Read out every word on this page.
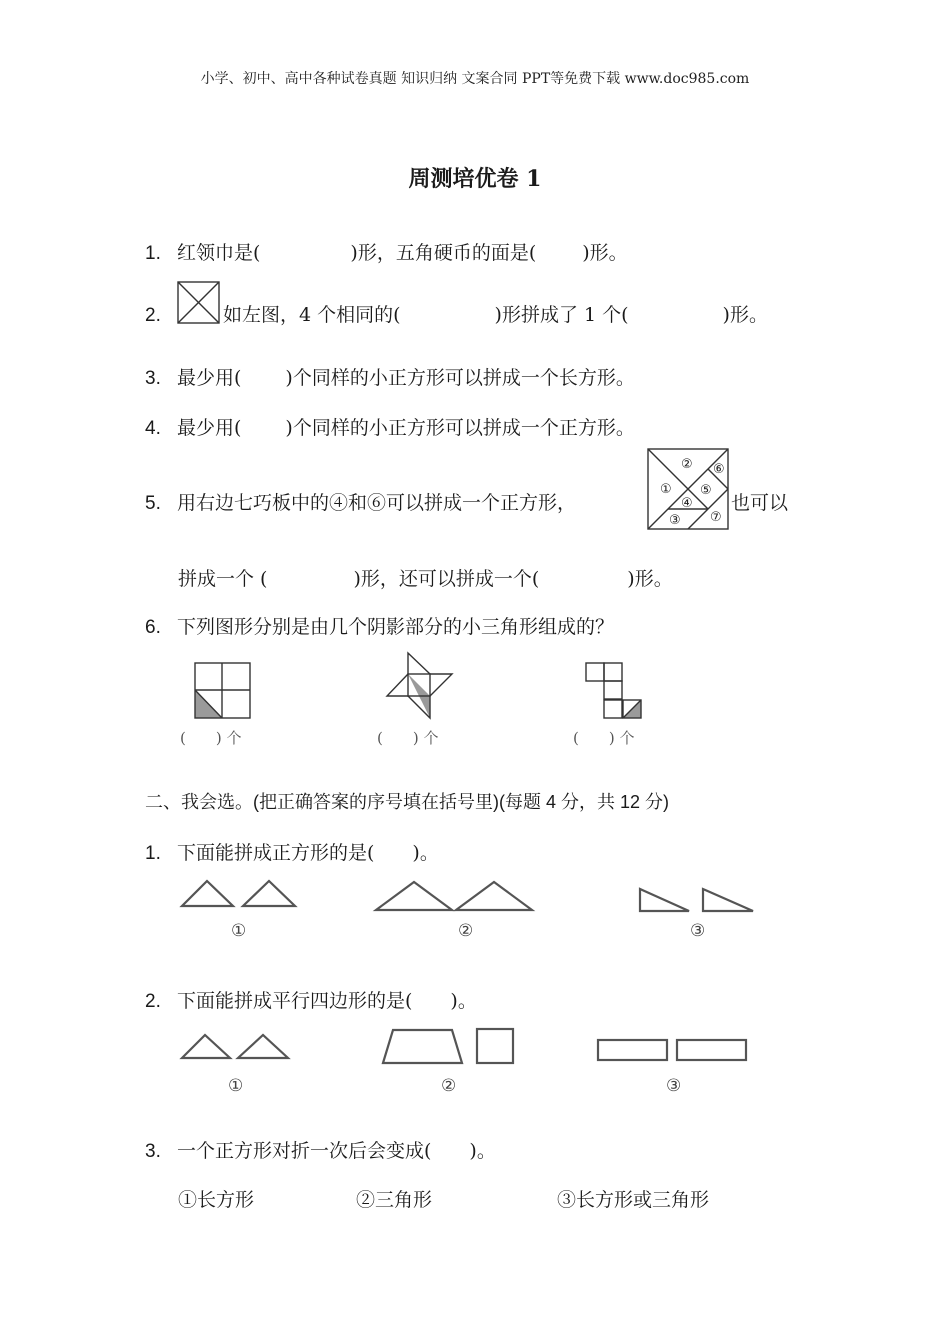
小学、初中、高中各种试卷真题 知识归纳 文案合同 PPT等免费下载 www.doc985.com
周测培优卷 1
1. 红领巾是(	)形，五角硬币的面是( )形。
2.	如左图，4 个相同的(	)形拼成了 1 个(	)形。
3. 最少用( )个同样的小正方形可以拼成一个长方形。
4. 最少用( )个同样的小正方形可以拼成一个正方形。
5. 用右边七巧板中的④和⑥可以拼成一个正方形，	也可以
①
②
③
④
⑤
⑥
⑦
拼成一个 (	)形，还可以拼成一个(	)形。
6. 下列图形分别是由几个阴影部分的小三角形组成的？
(　　) 个	(　　) 个	(　　) 个
二、我会选。(把正确答案的序号填在括号里)(每题 4 分，共 12 分)
1. 下面能拼成正方形的是(　　)。
①	②	③
2. 下面能拼成平行四边形的是(　　)。
①	②	③
3. 一个正方形对折一次后会变成(　　)。
①长方形	②三角形	③长方形或三角形
